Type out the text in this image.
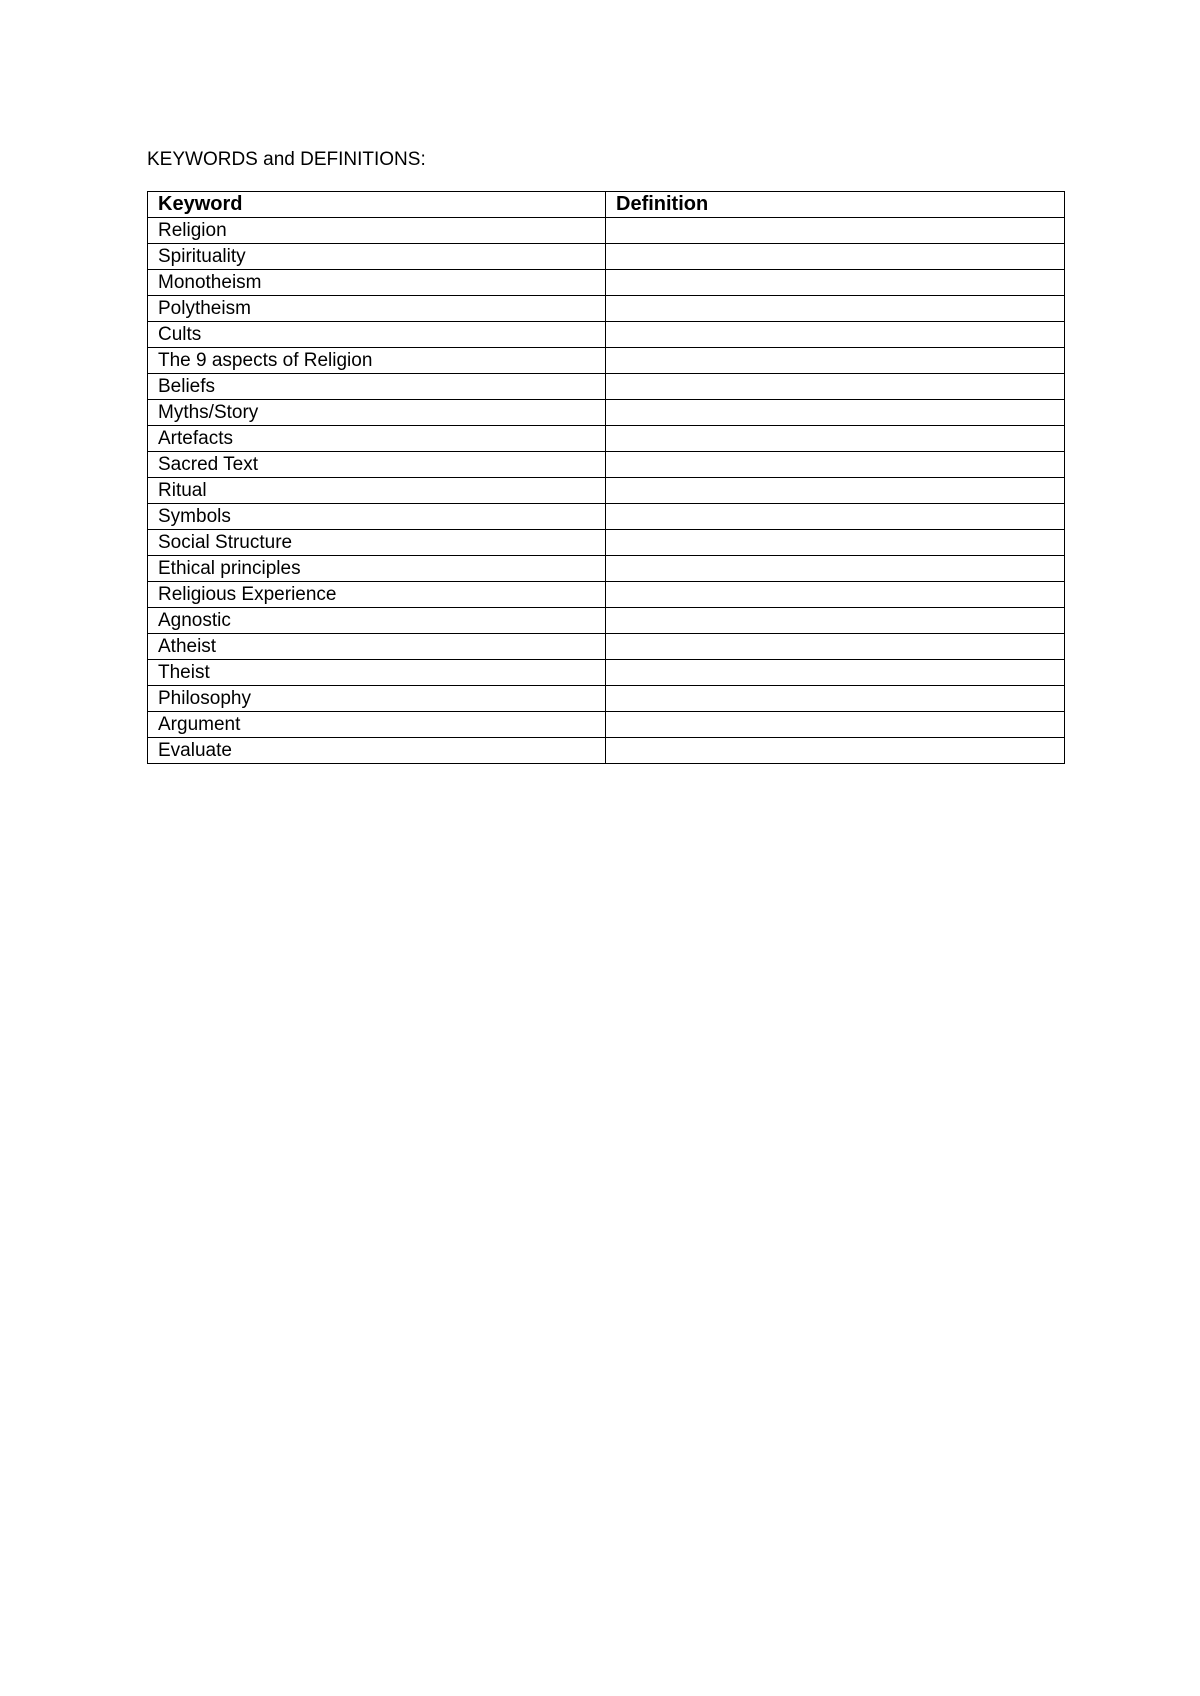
KEYWORDS and DEFINITIONS:
Keyword	Definition
Religion	
Spirituality	
Monotheism	
Polytheism	
Cults	
The 9 aspects of Religion	
Beliefs	
Myths/Story	
Artefacts	
Sacred Text	
Ritual	
Symbols	
Social Structure	
Ethical principles	
Religious Experience	
Agnostic	
Atheist	
Theist	
Philosophy	
Argument	
Evaluate	
